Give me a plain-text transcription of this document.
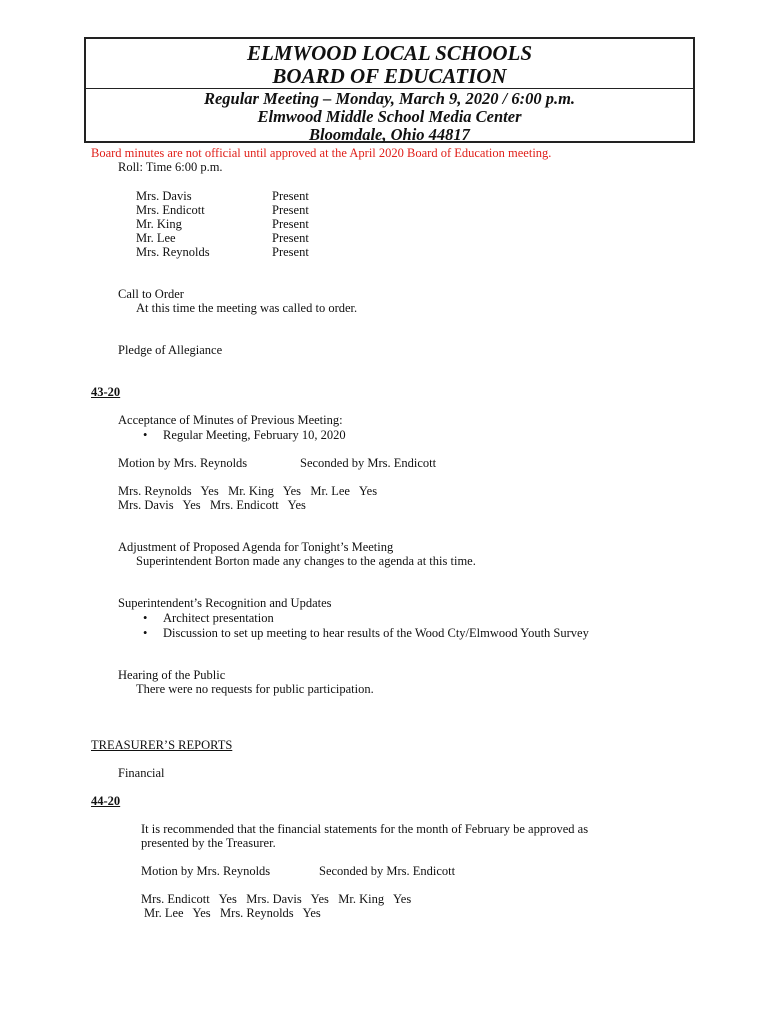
ELMWOOD LOCAL SCHOOLS
BOARD OF EDUCATION
Regular Meeting – Monday, March 9, 2020 / 6:00 p.m.
Elmwood Middle School Media Center
Bloomdale, Ohio 44817
Board minutes are not official until approved at the April 2020 Board of Education meeting.
Roll: Time 6:00 p.m.
Mrs. Davis	Present
Mrs. Endicott	Present
Mr. King	Present
Mr. Lee	Present
Mrs. Reynolds	Present
Call to Order
At this time the meeting was called to order.
Pledge of Allegiance
43-20
Acceptance of Minutes of Previous Meeting:
• Regular Meeting, February 10, 2020
Motion by Mrs. Reynolds	Seconded by Mrs. Endicott
Mrs. Reynolds   Yes   Mr. King   Yes   Mr. Lee   Yes
Mrs. Davis   Yes   Mrs. Endicott   Yes
Adjustment of Proposed Agenda for Tonight’s Meeting
Superintendent Borton made any changes to the agenda at this time.
Superintendent’s Recognition and Updates
• Architect presentation
• Discussion to set up meeting to hear results of the Wood Cty/Elmwood Youth Survey
Hearing of the Public
There were no requests for public participation.
TREASURER’S REPORTS
Financial
44-20
It is recommended that the financial statements for the month of February be approved as
presented by the Treasurer.
Motion by Mrs. Reynolds	Seconded by Mrs. Endicott
Mrs. Endicott   Yes   Mrs. Davis   Yes   Mr. King   Yes
Mr. Lee   Yes   Mrs. Reynolds   Yes
